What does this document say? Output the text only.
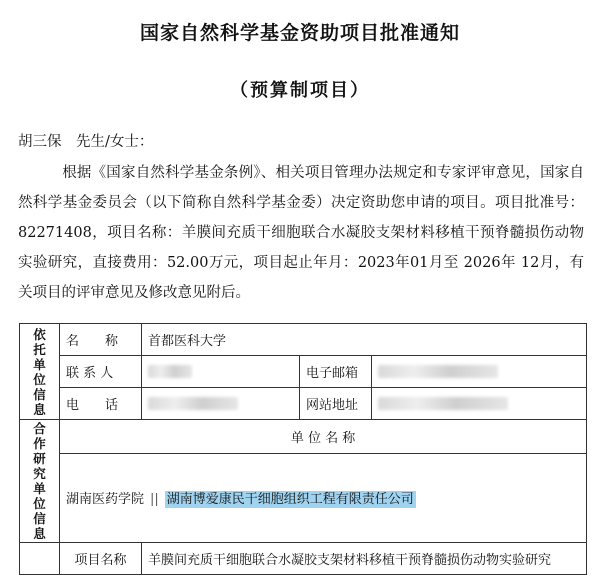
国家自然科学基金资助项目批准通知
（预算制项目）
胡三保　先生/女士：
根据《国家自然科学基金条例》、相关项目管理办法规定和专家评审意见，国家自然科学基金委员会（以下简称自然科学基金委）决定资助您申请的项目。项目批准号：82271408，项目名称：羊膜间充质干细胞联合水凝胶支架材料移植干预脊髓损伤动物实验研究，直接费用：52.00万元，项目起止年月：2023年01月至 2026年 12月，有关项目的评审意见及修改意见附后。
依托单位信息	名　　称	首都医科大学		
	联 系 人		电子邮箱	
	电　　话		网站地址	

合作研究单位信息	单 位 名 称			
	湖南医药学院 || 湖南博爱康民干细胞组织工程有限责任公司			
	项目名称	羊膜间充质干细胞联合水凝胶支架材料移植干预脊髓损伤动物实验研究		
